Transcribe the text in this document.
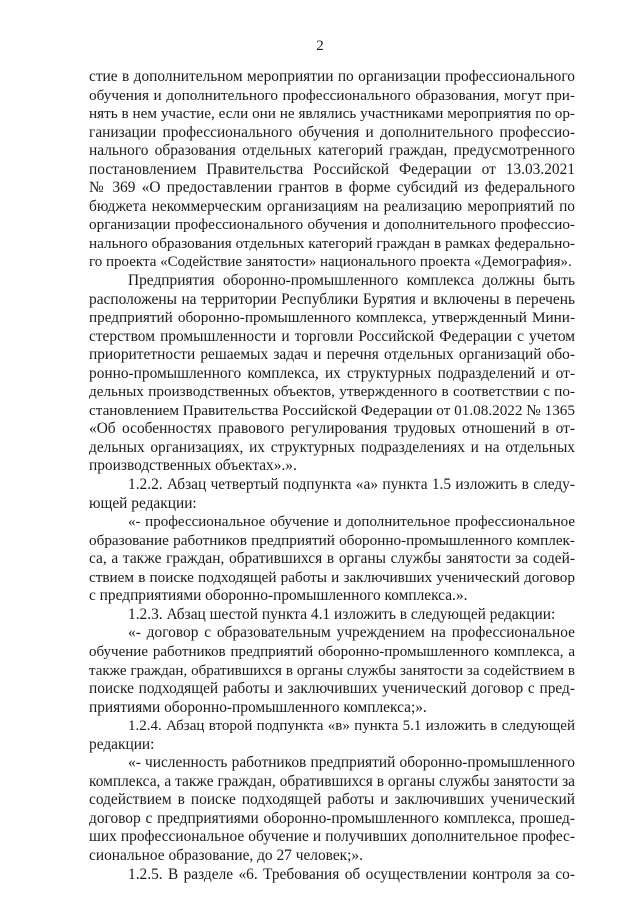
2
стие в дополнительном мероприятии по организации профессионального
обучения и дополнительного профессионального образования, могут при-
нять в нем участие, если они не являлись участниками мероприятия по ор-
ганизации профессионального обучения и дополнительного профессио-
нального образования отдельных категорий граждан, предусмотренного
постановлением Правительства Российской Федерации от 13.03.2021
№ 369 «О предоставлении грантов в форме субсидий из федерального
бюджета некоммерческим организациям на реализацию мероприятий по
организации профессионального обучения и дополнительного профессио-
нального образования отдельных категорий граждан в рамках федерально-
го проекта «Содействие занятости» национального проекта «Демография».
Предприятия оборонно-промышленного комплекса должны быть
расположены на территории Республики Бурятия и включены в перечень
предприятий оборонно-промышленного комплекса, утвержденный Мини-
стерством промышленности и торговли Российской Федерации с учетом
приоритетности решаемых задач и перечня отдельных организаций обо-
ронно-промышленного комплекса, их структурных подразделений и от-
дельных производственных объектов, утвержденного в соответствии с по-
становлением Правительства Российской Федерации от 01.08.2022 № 1365
«Об особенностях правового регулирования трудовых отношений в от-
дельных организациях, их структурных подразделениях и на отдельных
производственных объектах».».
1.2.2. Абзац четвертый подпункта «а» пункта 1.5 изложить в следу-
ющей редакции:
«- профессиональное обучение и дополнительное профессиональное
образование работников предприятий оборонно-промышленного комплек-
са, а также граждан, обратившихся в органы службы занятости за содей-
ствием в поиске подходящей работы и заключивших ученический договор
с предприятиями оборонно-промышленного комплекса.».
1.2.3. Абзац шестой пункта 4.1 изложить в следующей редакции:
«- договор с образовательным учреждением на профессиональное
обучение работников предприятий оборонно-промышленного комплекса, а
также граждан, обратившихся в органы службы занятости за содействием в
поиске подходящей работы и заключивших ученический договор с пред-
приятиями оборонно-промышленного комплекса;».
1.2.4. Абзац второй подпункта «в» пункта 5.1 изложить в следующей
редакции:
«- численность работников предприятий оборонно-промышленного
комплекса, а также граждан, обратившихся в органы службы занятости за
содействием в поиске подходящей работы и заключивших ученический
договор с предприятиями оборонно-промышленного комплекса, прошед-
ших профессиональное обучение и получивших дополнительное профес-
сиональное образование, до 27 человек;».
1.2.5. В разделе «6. Требования об осуществлении контроля за со-
